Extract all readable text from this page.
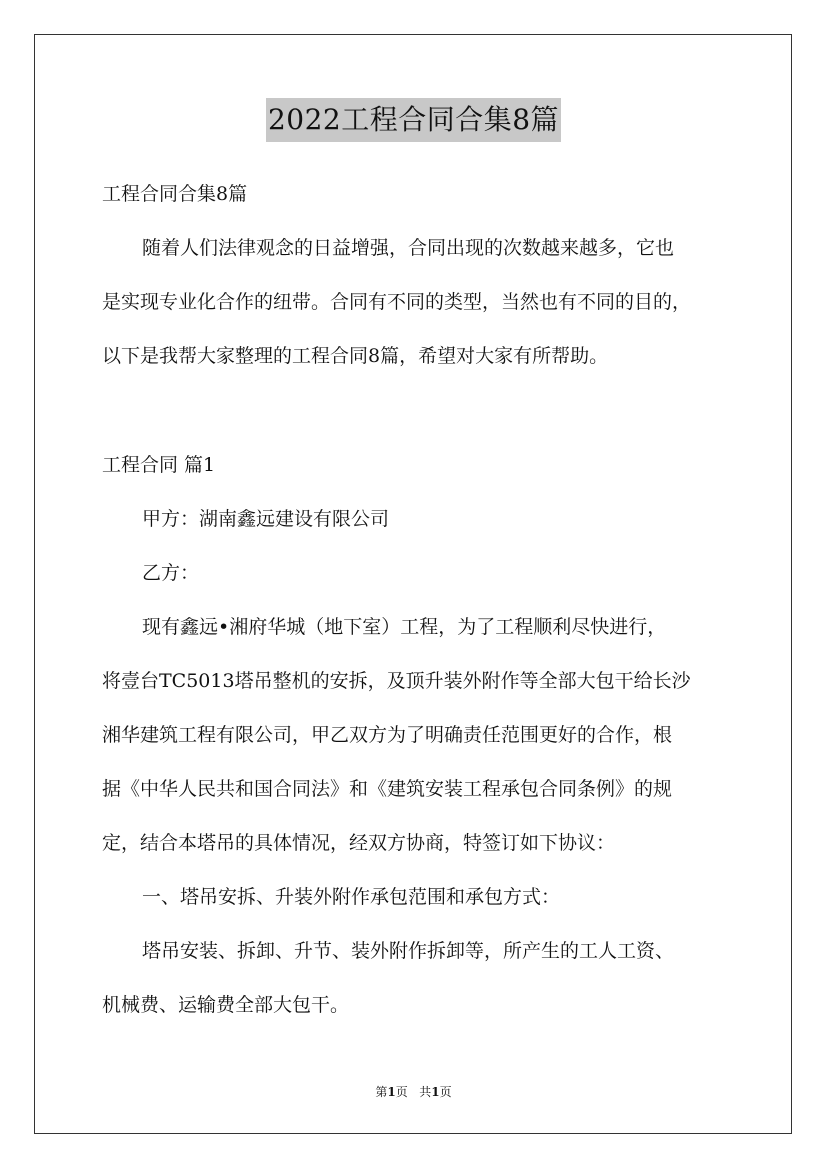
2022工程合同合集8篇
工程合同合集8篇
随着人们法律观念的日益增强，合同出现的次数越来越多，它也
是实现专业化合作的纽带。合同有不同的类型，当然也有不同的目的，
以下是我帮大家整理的工程合同8篇，希望对大家有所帮助。
工程合同 篇1
甲方：湖南鑫远建设有限公司
乙方：
现有鑫远•湘府华城（地下室）工程，为了工程顺利尽快进行，
将壹台TC5013塔吊整机的安拆，及顶升装外附作等全部大包干给长沙
湘华建筑工程有限公司，甲乙双方为了明确责任范围更好的合作，根
据《中华人民共和国合同法》和《建筑安装工程承包合同条例》的规
定，结合本塔吊的具体情况，经双方协商，特签订如下协议：
一、塔吊安拆、升装外附作承包范围和承包方式：
塔吊安装、拆卸、升节、装外附作拆卸等，所产生的工人工资、
机械费、运输费全部大包干。
第1页   共1页
